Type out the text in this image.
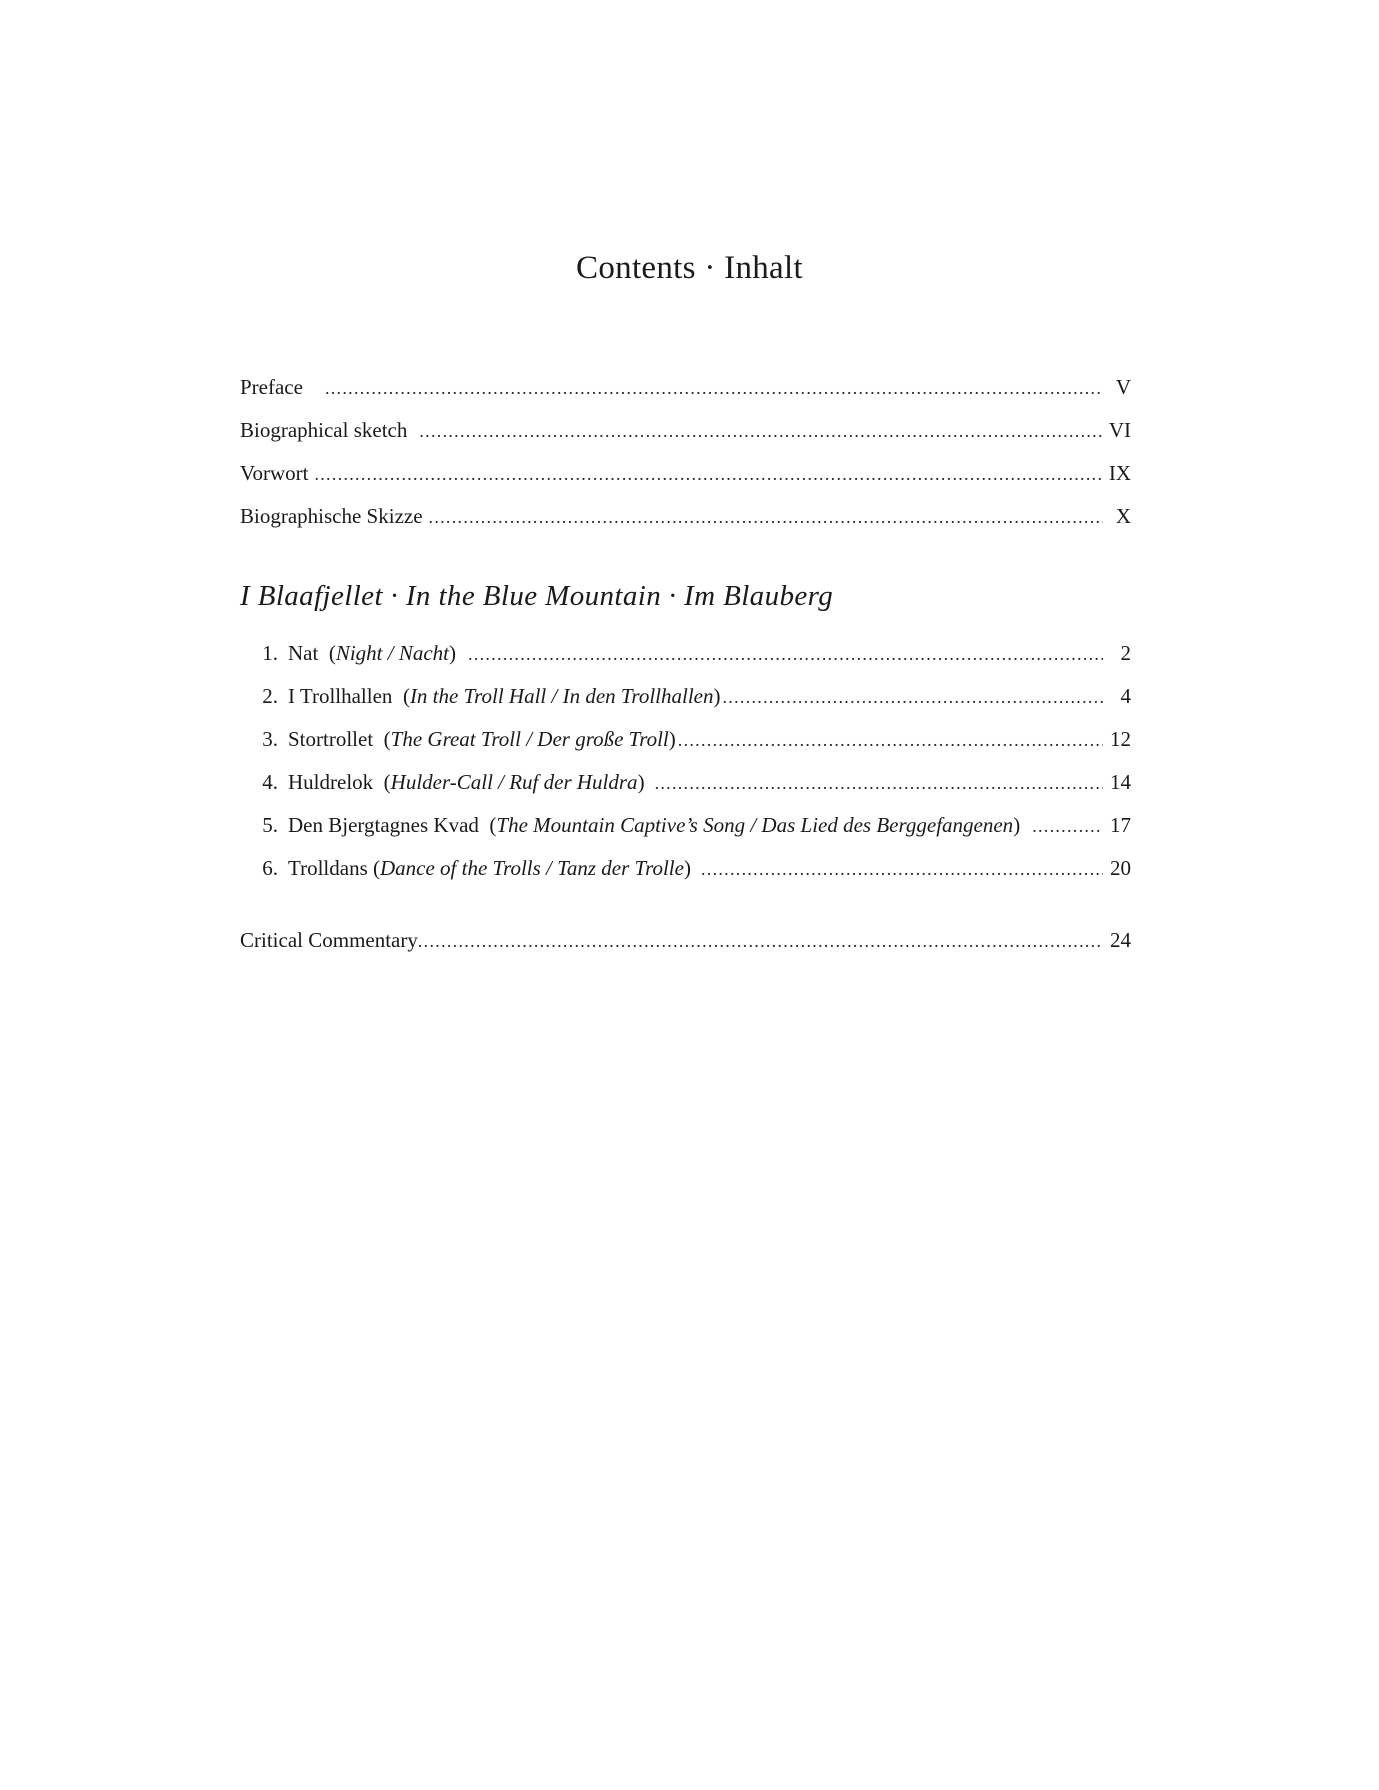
Contents · Inhalt
Preface .....	V
Biographical sketch .....	VI
Vorwort .....	IX
Biographische Skizze .....	X
I Blaafjellet · In the Blue Mountain · Im Blauberg
1. Nat  (Night / Nacht) .....	2
2. I Trollhallen  (In the Troll Hall / In den Trollhallen) .....	4
3. Stortrollet  (The Great Troll / Der große Troll) .....	12
4. Huldrelok  (Hulder-Call / Ruf der Huldra) .....	14
5. Den Bjergtagnes Kvad  (The Mountain Captive’s Song / Das Lied des Berggefangenen) .....	17
6. Trolldans (Dance of the Trolls / Tanz der Trolle) .....	20
Critical Commentary .....	24
